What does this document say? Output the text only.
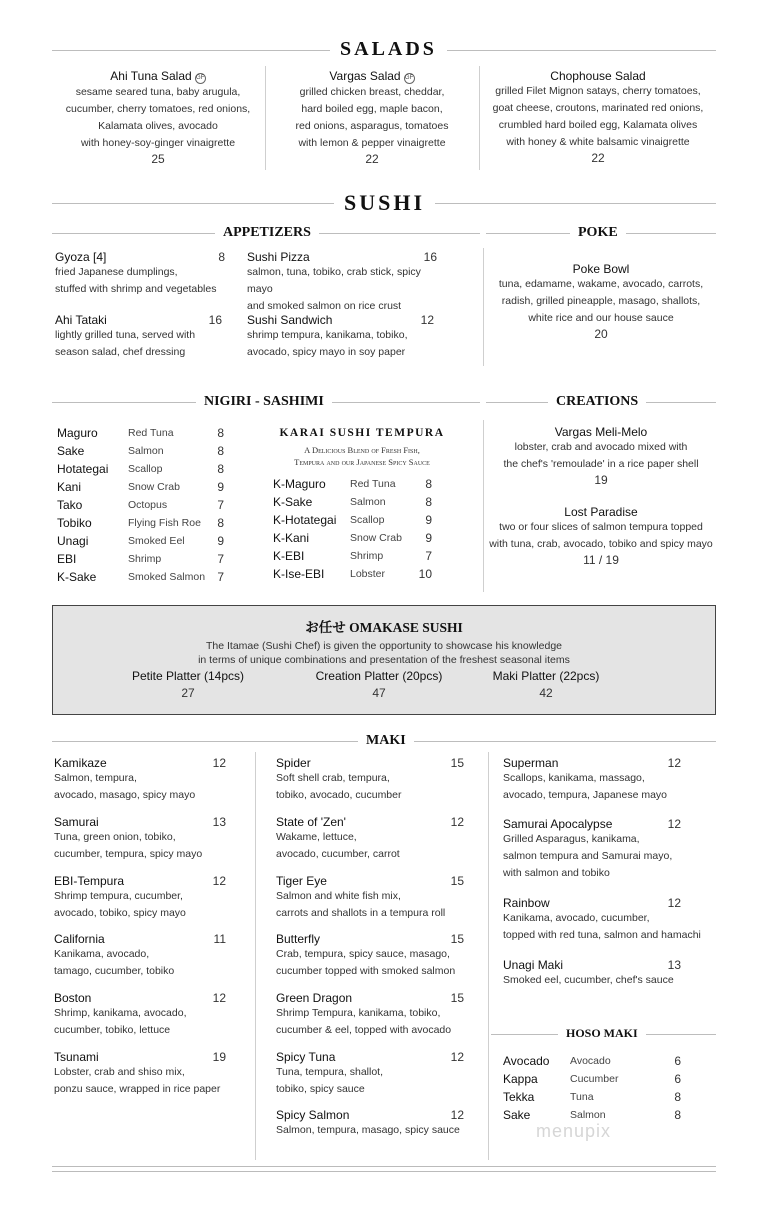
SALADS
Ahi Tuna Salad GF
sesame seared tuna, baby arugula,
cucumber, cherry tomatoes, red onions,
Kalamata olives, avocado
with honey-soy-ginger vinaigrette
25
Vargas Salad GF
grilled chicken breast, cheddar,
hard boiled egg, maple bacon,
red onions, asparagus, tomatoes
with lemon & pepper vinaigrette
22
Chophouse Salad
grilled Filet Mignon satays, cherry tomatoes,
goat cheese, croutons, marinated red onions,
crumbled hard boiled egg, Kalamata olives
with honey & white balsamic vinaigrette
22
SUSHI
APPETIZERS	POKE
Gyoza [4]	8
fried Japanese dumplings,
stuffed with shrimp and vegetables
Sushi Pizza	16
salmon, tuna, tobiko, crab stick, spicy mayo
and smoked salmon on rice crust
Ahi Tataki	16
lightly grilled tuna, served with
season salad, chef dressing
Sushi Sandwich	12
shrimp tempura, kanikama, tobiko,
avocado, spicy mayo in soy paper
Poke Bowl
tuna, edamame, wakame, avocado, carrots,
radish, grilled pineapple, masago, shallots,
white rice and our house sauce
20
NIGIRI - SASHIMI	CREATIONS
Maguro	Red Tuna	8
Sake	Salmon	8
Hotategai	Scallop	8
Kani	Snow Crab	9
Tako	Octopus	7
Tobiko	Flying Fish Roe	8
Unagi	Smoked Eel	9
EBI	Shrimp	7
K-Sake	Smoked Salmon	7
KARAI SUSHI TEMPURA
A Delicious Blend of Fresh Fish,
Tempura and our Japanese Spicy Sauce
K-Maguro	Red Tuna	8
K-Sake	Salmon	8
K-Hotategai	Scallop	9
K-Kani	Snow Crab	9
K-EBI	Shrimp	7
K-Ise-EBI	Lobster	10
Vargas Meli-Melo
lobster, crab and avocado mixed with
the chef's 'remoulade' in a rice paper shell
19
Lost Paradise
two or four slices of salmon tempura topped
with tuna, crab, avocado, tobiko and spicy mayo
11 / 19
お任せ OMAKASE SUSHI
The Itamae (Sushi Chef) is given the opportunity to showcase his knowledge
in terms of unique combinations and presentation of the freshest seasonal items
Petite Platter (14pcs)
27
Creation Platter (20pcs)
47
Maki Platter (22pcs)
42
MAKI
Kamikaze	12
Salmon, tempura,
avocado, masago, spicy mayo
Samurai	13
Tuna, green onion, tobiko,
cucumber, tempura, spicy mayo
EBI-Tempura	12
Shrimp tempura, cucumber,
avocado, tobiko, spicy mayo
California	11
Kanikama, avocado,
tamago, cucumber, tobiko
Boston	12
Shrimp, kanikama, avocado,
cucumber, tobiko, lettuce
Tsunami	19
Lobster, crab and shiso mix,
ponzu sauce, wrapped in rice paper
Spider	15
Soft shell crab, tempura,
tobiko, avocado, cucumber
State of 'Zen'	12
Wakame, lettuce,
avocado, cucumber, carrot
Tiger Eye	15
Salmon and white fish mix,
carrots and shallots in a tempura roll
Butterfly	15
Crab, tempura, spicy sauce, masago,
cucumber topped with smoked salmon
Green Dragon	15
Shrimp Tempura, kanikama, tobiko,
cucumber & eel, topped with avocado
Spicy Tuna	12
Tuna, tempura, shallot,
tobiko, spicy sauce
Spicy Salmon	12
Salmon, tempura, masago, spicy sauce
Superman	12
Scallops, kanikama, massago,
avocado, tempura, Japanese mayo
Samurai Apocalypse	12
Grilled Asparagus, kanikama,
salmon tempura and Samurai mayo,
with salmon and tobiko
Rainbow	12
Kanikama, avocado, cucumber,
topped with red tuna, salmon and hamachi
Unagi Maki	13
Smoked eel, cucumber, chef's sauce
HOSO MAKI
Avocado	Avocado	6
Kappa	Cucumber	6
Tekka	Tuna	8
Sake	Salmon	8
menupix
